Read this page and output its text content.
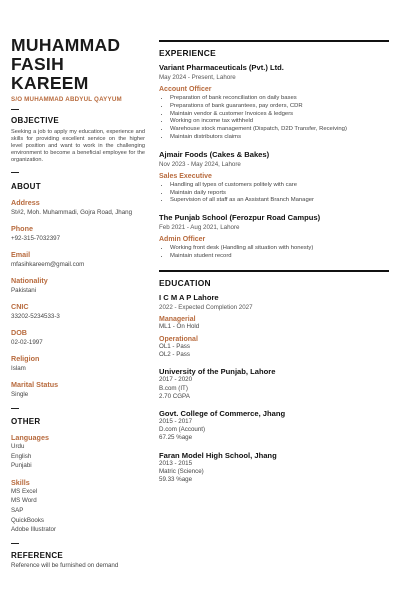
MUHAMMAD
FASIH KAREEM
S/O MUHAMMAD ABDYUL QAYYUM
OBJECTIVE
Seeking a job to apply my education, experience and skills for providing excellent service on the higher level position and want to work in the challenging environment to become a beneficial employee for the organization.
ABOUT
Address
St#2, Moh. Muhammadi, Gojra Road, Jhang
Phone
+92-315-7032397
Email
mfasihkareem@gmail.com
Nationality
Pakistani
CNIC
33202-5234533-3
DOB
02-02-1997
Religion
Islam
Marital Status
Single
OTHER
Languages
Urdu
English
Punjabi
Skills
MS Excel
MS Word
SAP
QuickBooks
Adobe Illustrator
REFERENCE
Reference will be furnished on demand
EXPERIENCE
Variant Pharmaceuticals (Pvt.) Ltd.
May 2024 - Present, Lahore
Account Officer
• Preparation of bank reconciliation on daily bases
• Preparations of bank guarantees, pay orders, CDR
• Maintain vendor & customer Invoices & ledgers
• Working on income tax withheld
• Warehouse stock management (Dispatch, D2D Transfer, Receiving)
• Maintain distributors claims
Ajmair Foods (Cakes & Bakes)
Nov 2023 - May 2024, Lahore
Sales Executive
• Handling all types of customers politely with care
• Maintain daily reports
• Supervision of all staff as an Assistant Branch Manager
The Punjab School (Ferozpur Road Campus)
Feb 2021 - Aug 2021, Lahore
Admin Officer
• Working front desk (Handling all situation with honesty)
• Maintain student record
EDUCATION
I C M A P Lahore
2022 - Expected Completion 2027
Managerial
ML1 - On Hold
Operational
OL1 - Pass
OL2 - Pass
University of the Punjab, Lahore
2017 - 2020
B.com (IT)
2.70 CGPA
Govt. College of Commerce, Jhang
2015 - 2017
D.com (Account)
67.25 %age
Faran Model High School, Jhang
2013 - 2015
Matric (Science)
59.33 %age
